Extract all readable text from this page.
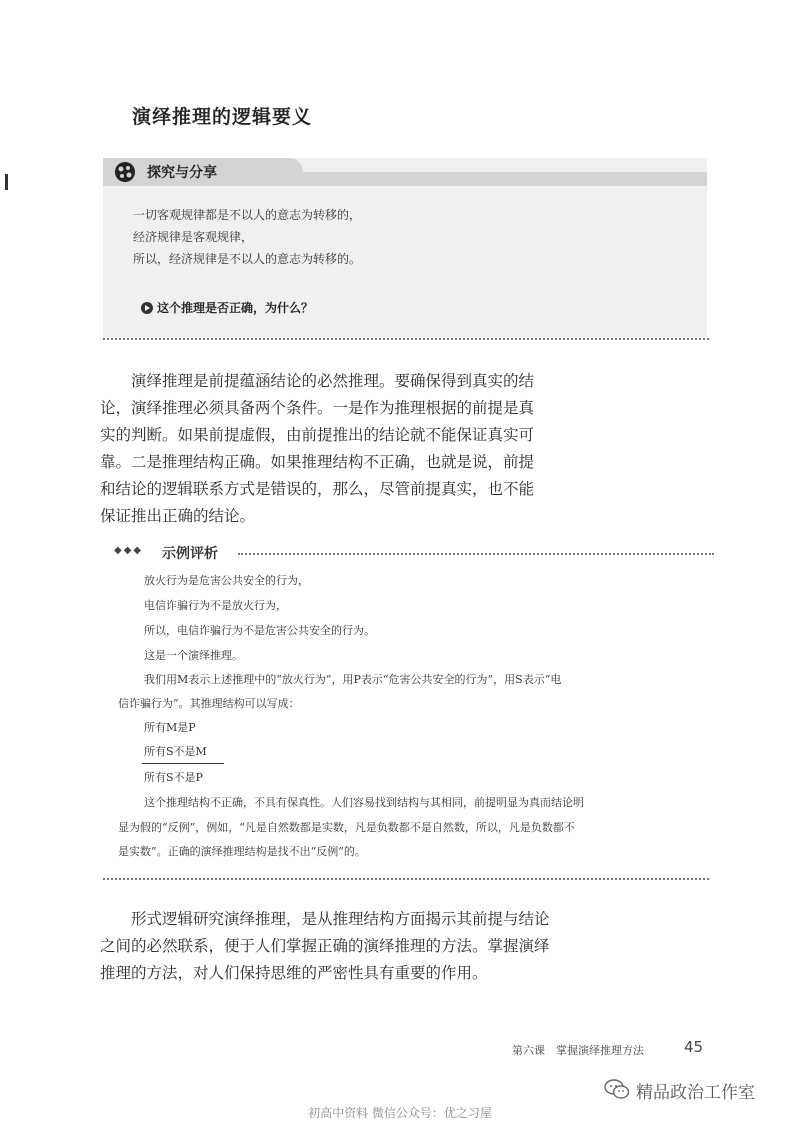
演绎推理的逻辑要义
探究与分享
一切客观规律都是不以人的意志为转移的，
经济规律是客观规律，
所以，经济规律是不以人的意志为转移的。
这个推理是否正确，为什么？

演绎推理是前提蕴涵结论的必然推理。要确保得到真实的结

论，演绎推理必须具备两个条件。一是作为推理根据的前提是真

实的判断。如果前提虚假，由前提推出的结论就不能保证真实可

靠。二是推理结构正确。如果推理结构不正确，也就是说，前提

和结论的逻辑联系方式是错误的，那么，尽管前提真实，也不能

保证推出正确的结论。

◆◆◆ 示例评析
放火行为是危害公共安全的行为，
电信诈骗行为不是放火行为，
所以，电信诈骗行为不是危害公共安全的行为。
这是一个演绎推理。
我们用M表示上述推理中的“放火行为”，用P表示“危害公共安全的行为”，用S表示“电
信诈骗行为”。其推理结构可以写成：
所有M是P
所有S不是M
所有S不是P
这个推理结构不正确，不具有保真性。人们容易找到结构与其相同，前提明显为真而结论明
显为假的“反例”，例如，“凡是自然数都是实数，凡是负数都不是自然数，所以，凡是负数都不
是实数”。正确的演绎推理结构是找不出“反例”的。

形式逻辑研究演绎推理，是从推理结构方面揭示其前提与结论

之间的必然联系，便于人们掌握正确的演绎推理的方法。掌握演绎

推理的方法，对人们保持思维的严密性具有重要的作用。

第六课　掌握演绎推理方法	45
精品政治工作室
初高中资料 微信公众号：优之习屋
